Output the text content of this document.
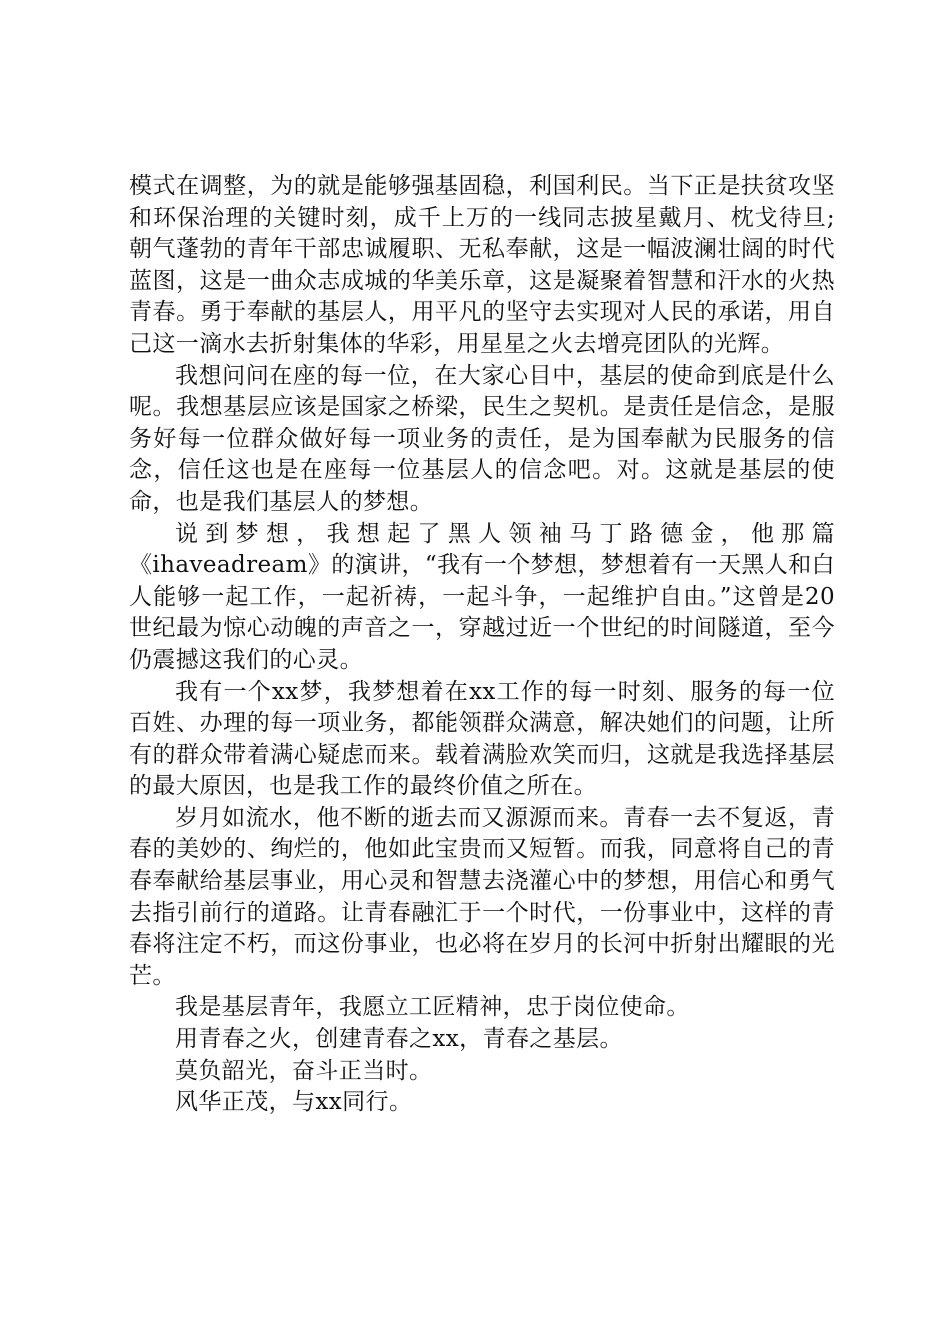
模式在调整，为的就是能够强基固稳，利国利民。当下正是扶贫攻坚和环保治理的关键时刻，成千上万的一线同志披星戴月、枕戈待旦;朝气蓬勃的青年干部忠诚履职、无私奉献，这是一幅波澜壮阔的时代蓝图，这是一曲众志成城的华美乐章，这是凝聚着智慧和汗水的火热青春。勇于奉献的基层人，用平凡的坚守去实现对人民的承诺，用自己这一滴水去折射集体的华彩，用星星之火去增亮团队的光辉。

我想问问在座的每一位，在大家心目中，基层的使命到底是什么呢。我想基层应该是国家之桥梁，民生之契机。是责任是信念，是服务好每一位群众做好每一项业务的责任，是为国奉献为民服务的信念，信任这也是在座每一位基层人的信念吧。对。这就是基层的使命，也是我们基层人的梦想。

说到梦想，我想起了黑人领袖马丁路德金，他那篇《ihaveadream》的演讲，“我有一个梦想，梦想着有一天黑人和白人能够一起工作，一起祈祷，一起斗争，一起维护自由。”这曾是20世纪最为惊心动魄的声音之一，穿越过近一个世纪的时间隧道，至今仍震撼这我们的心灵。

我有一个xx梦，我梦想着在xx工作的每一时刻、服务的每一位百姓、办理的每一项业务，都能领群众满意，解决她们的问题，让所有的群众带着满心疑虑而来。载着满脸欢笑而归，这就是我选择基层的最大原因，也是我工作的最终价值之所在。

岁月如流水，他不断的逝去而又源源而来。青春一去不复返，青春的美妙的、绚烂的，他如此宝贵而又短暂。而我，同意将自己的青春奉献给基层事业，用心灵和智慧去浇灌心中的梦想，用信心和勇气去指引前行的道路。让青春融汇于一个时代，一份事业中，这样的青春将注定不朽，而这份事业，也必将在岁月的长河中折射出耀眼的光芒。

我是基层青年，我愿立工匠精神，忠于岗位使命。

用青春之火，创建青春之xx，青春之基层。

莫负韶光，奋斗正当时。

风华正茂，与xx同行。
